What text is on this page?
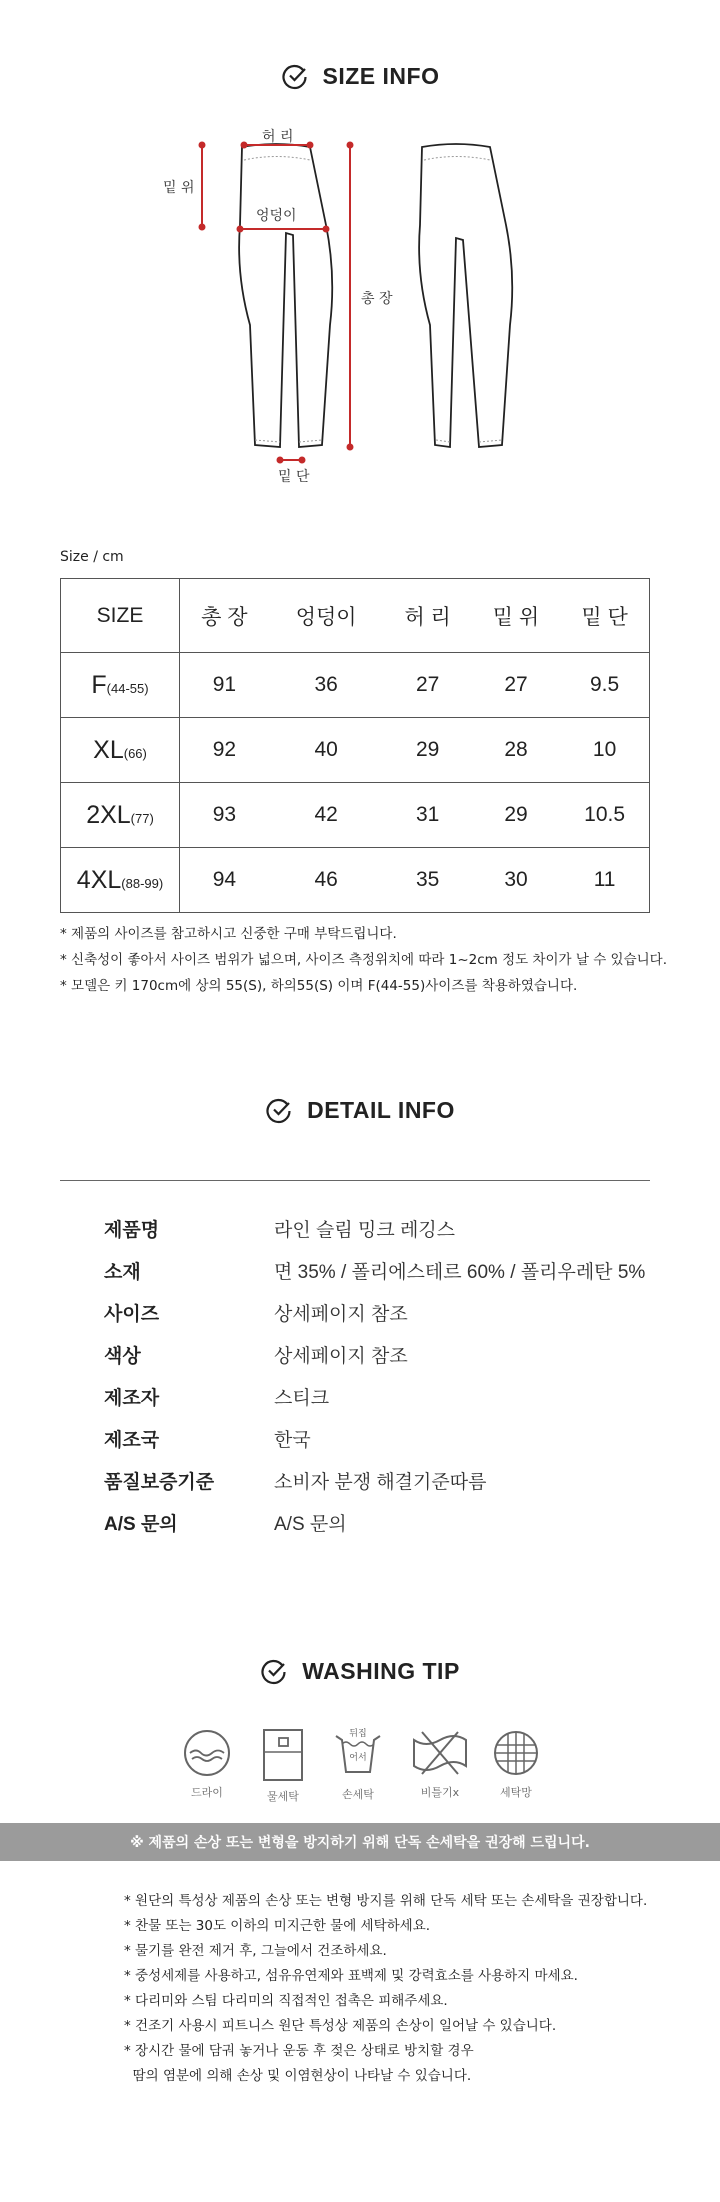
SIZE INFO
허 리
밑 위
엉덩이
총 장
밑 단
Size / cm
SIZE	총 장	엉덩이	허 리	밑 위	밑 단
F(44-55)	91	36	27	27	9.5
XL(66)	92	40	29	28	10
2XL(77)	93	42	31	29	10.5
4XL(88-99)	94	46	35	30	11
* 제품의 사이즈를 참고하시고 신중한 구매 부탁드립니다.
* 신축성이 좋아서 사이즈 범위가 넓으며, 사이즈 측정위치에 따라 1~2cm 정도 차이가 날 수 있습니다.
* 모델은 키 170cm에 상의 55(S), 하의55(S) 이며 F(44-55)사이즈를 착용하였습니다.
DETAIL INFO
제품명	라인 슬림 밍크 레깅스
소재	면 35% / 폴리에스테르 60% / 폴리우레탄 5%
사이즈	상세페이지 참조
색상	상세페이지 참조
제조자	스티크
제조국	한국
품질보증기준	소비자 분쟁 해결기준따름
A/S 문의	A/S 문의
WASHING TIP
드라이	물세탁
뒤집
어서
손세탁	비틀기x	세탁망
※ 제품의 손상 또는 변형을 방지하기 위해 단독 손세탁을 권장해 드립니다.
* 원단의 특성상 제품의 손상 또는 변형 방지를 위해 단독 세탁 또는 손세탁을 권장합니다.
* 찬물 또는 30도 이하의 미지근한 물에 세탁하세요.
* 물기를 완전 제거 후, 그늘에서 건조하세요.
* 중성세제를 사용하고, 섬유유연제와 표백제 및 강력효소를 사용하지 마세요.
* 다리미와 스팀 다리미의 직접적인 접촉은 피해주세요.
* 건조기 사용시 피트니스 원단 특성상 제품의 손상이 일어날 수 있습니다.
* 장시간 물에 담궈 놓거나 운동 후 젖은 상태로 방치할 경우
땀의 염분에 의해 손상 및 이염현상이 나타날 수 있습니다.
